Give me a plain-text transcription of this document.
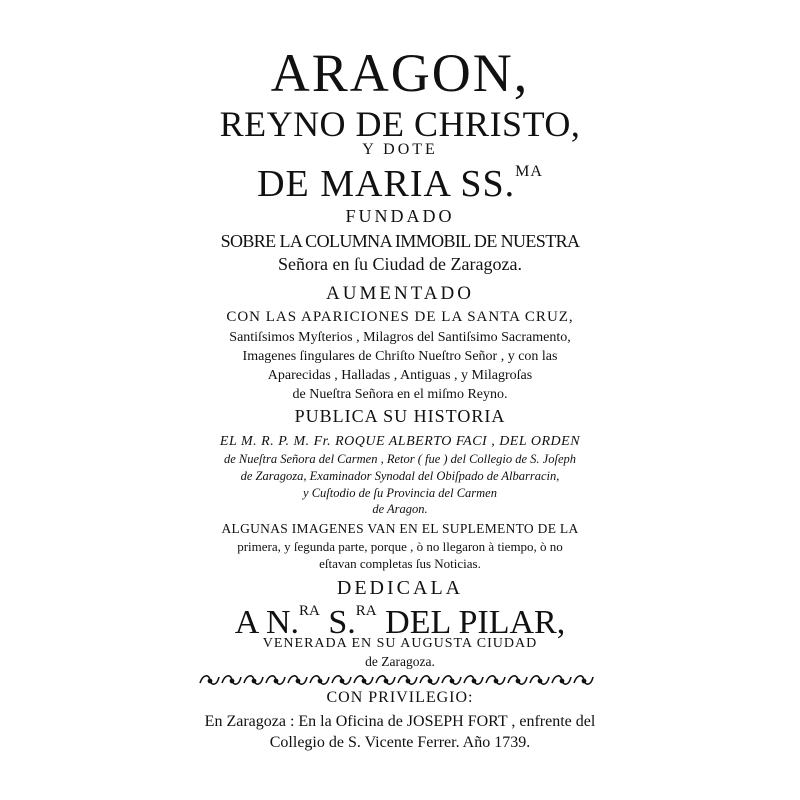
ARAGON,
REYNO DE CHRISTO,
Y DOTE
DE MARIA SS.$^{MA}$
FUNDADO
SOBRE LA COLUMNA IMMOBIL DE NUESTRA
Señora en ſu Ciudad de Zaragoza.
AUMENTADO
CON LAS APARICIONES DE LA SANTA CRUZ,
Santiſsimos Myſterios , Milagros del Santiſsimo Sacramento,
Imagenes ſingulares de Chriſto Nueſtro Señor , y con las
Aparecidas , Halladas , Antiguas , y Milagroſas
de Nueſtra Señora en el miſmo Reyno.
PUBLICA SU HISTORIA
EL M. R. P. M. Fr. ROQUE ALBERTO FACI , DEL ORDEN
de Nueſtra Señora del Carmen , Retor ( fue ) del Collegio de S. Joſeph
de Zaragoza, Examinador Synodal del Obiſpado de Albarracin,
y Cuſtodio de ſu Provincia del Carmen
de Aragon.
ALGUNAS IMAGENES VAN EN EL SUPLEMENTO DE LA
primera, y ſegunda parte, porque , ò no llegaron à tiempo, ò no
eſtavan completas ſus Noticias.
DEDICALA
A N.$^{RA}$ S.$^{RA}$ DEL PILAR,
VENERADA EN SU AUGUSTA CIUDAD
de Zaragoza.
CON PRIVILEGIO:
En Zaragoza : En la Oficina de JOSEPH FORT , enfrente del
Collegio de S. Vicente Ferrer. Año 1739.
